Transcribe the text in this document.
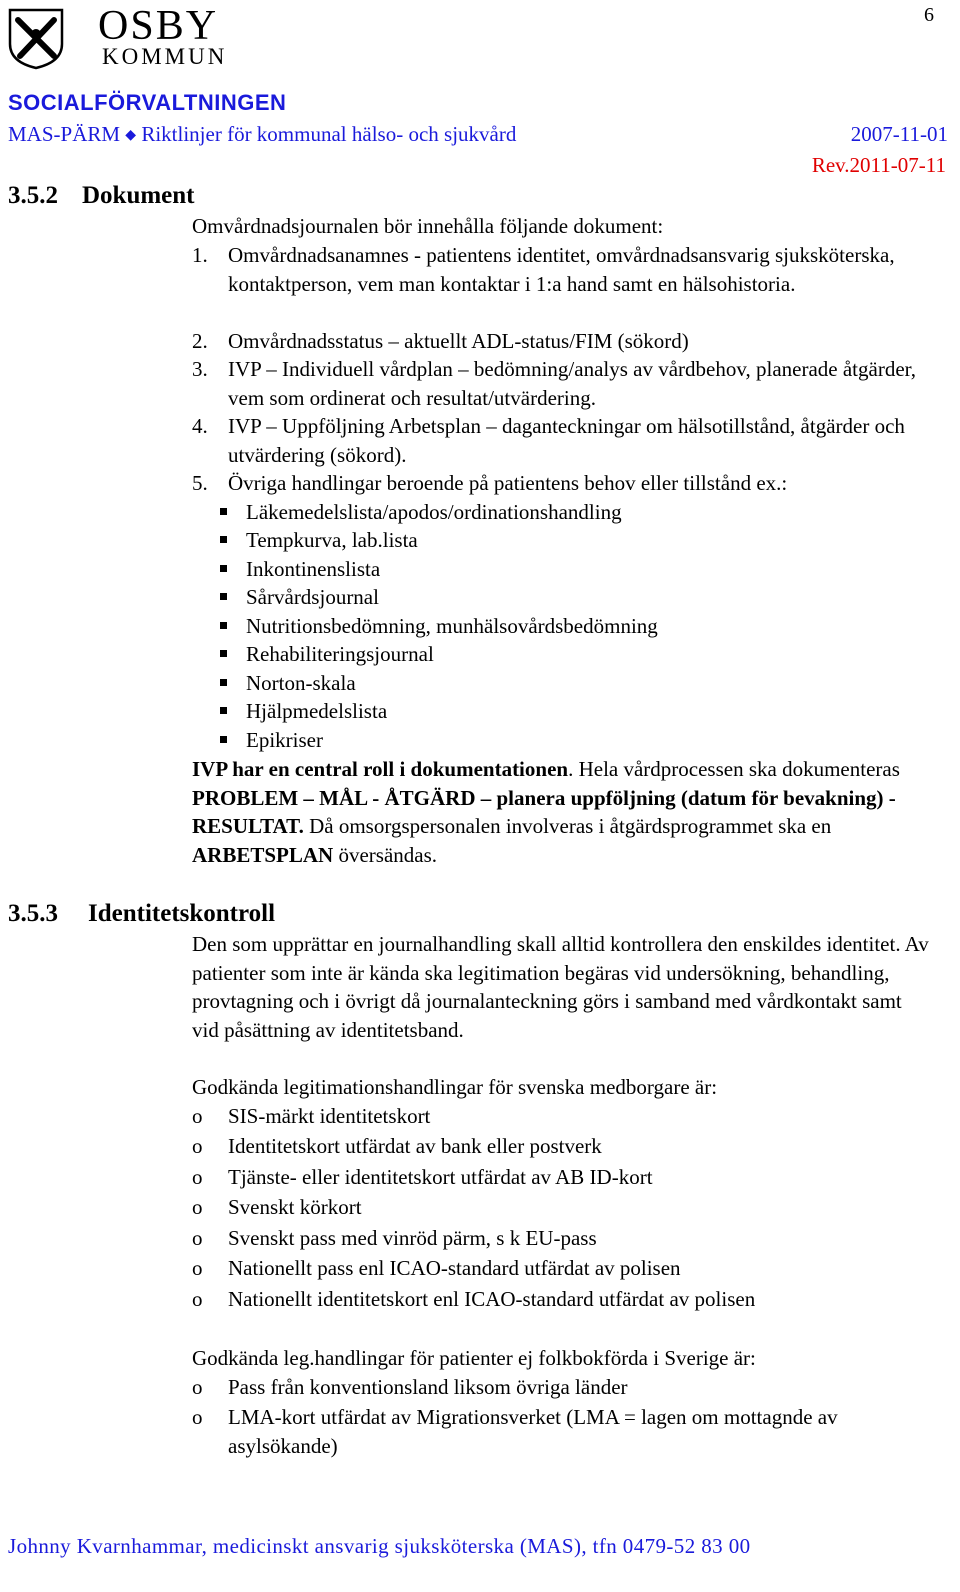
OSBY
KOMMUN
6
SOCIALFÖRVALTNINGEN
MAS-PÄRM ◆ Riktlinjer för kommunal hälso- och sjukvård	2007-11-01
Rev.2011-07-11
3.5.2 Dokument
Omvårdnadsjournalen bör innehålla följande dokument:
1. Omvårdnadsanamnes - patientens identitet, omvårdnadsansvarig sjuksköterska, kontaktperson, vem man kontaktar i 1:a hand samt en hälsohistoria.
2. Omvårdnadsstatus – aktuellt ADL-status/FIM (sökord)
3. IVP – Individuell vårdplan – bedömning/analys av vårdbehov, planerade åtgärder, vem som ordinerat och resultat/utvärdering.
4. IVP – Uppföljning Arbetsplan – daganteckningar om hälsotillstånd, åtgärder och utvärdering (sökord).
5. Övriga handlingar beroende på patientens behov eller tillstånd ex.:
Läkemedelslista/apodos/ordinationshandling
Tempkurva, lab.lista
Inkontinenslista
Sårvårdsjournal
Nutritionsbedömning, munhälsovårdsbedömning
Rehabiliteringsjournal
Norton-skala
Hjälpmedelslista
Epikriser
IVP har en central roll i dokumentationen. Hela vårdprocessen ska dokumenteras PROBLEM – MÅL - ÅTGÄRD – planera uppföljning (datum för bevakning) - RESULTAT. Då omsorgspersonalen involveras i åtgärdsprogrammet ska en ARBETSPLAN översändas.
3.5.3 Identitetskontroll
Den som upprättar en journalhandling skall alltid kontrollera den enskildes identitet. Av patienter som inte är kända ska legitimation begäras vid undersökning, behandling, provtagning och i övrigt då journalanteckning görs i samband med vårdkontakt samt vid påsättning av identitetsband.
Godkända legitimationshandlingar för svenska medborgare är:
o SIS-märkt identitetskort
o Identitetskort utfärdat av bank eller postverk
o Tjänste- eller identitetskort utfärdat av AB ID-kort
o Svenskt körkort
o Svenskt pass med vinröd pärm, s k EU-pass
o Nationellt pass enl ICAO-standard utfärdat av polisen
o Nationellt identitetskort enl ICAO-standard utfärdat av polisen
Godkända leg.handlingar för patienter ej folkbokförda i Sverige är:
o Pass från konventionsland liksom övriga länder
o LMA-kort utfärdat av Migrationsverket (LMA = lagen om mottagnde av asylsökande)
Johnny Kvarnhammar, medicinskt ansvarig sjuksköterska (MAS), tfn 0479-52 83 00
